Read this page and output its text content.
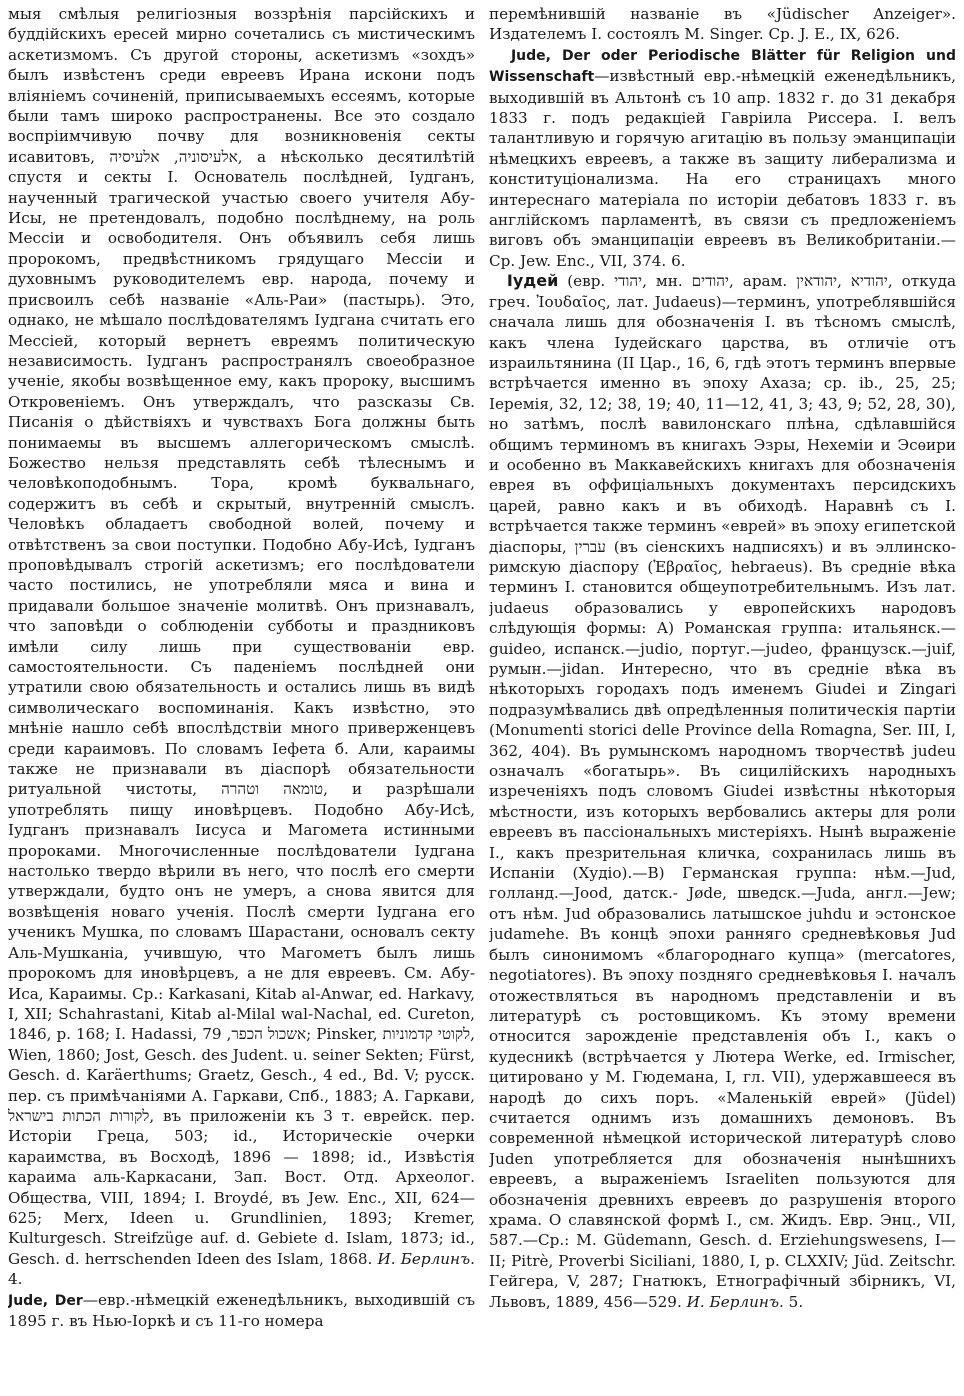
мыя смѣлыя религіозныя воззрѣнія парсійскихъ и буддійскихъ ересей мирно сочетались съ мистическимъ аскетизмомъ. Съ другой стороны, аскетизмъ «зохдъ» былъ извѣстенъ среди евреевъ Ирана искони подъ вліяніемъ сочиненій, приписываемыхъ ессеямъ, которые были тамъ широко распространены. Все это создало воспріимчивую почву для возникновенія секты исавитовъ, אלעיסוניה, אלעיסיה, а нѣсколько десятилѣтій спустя и секты І. Основатель послѣдней, Іудганъ, наученный трагической участью своего учителя Абу-Исы, не претендовалъ, подобно послѣднему, на роль Мессіи и освободителя. Онъ объявилъ себя лишь пророкомъ, предвѣстникомъ грядущаго Мессіи и духовнымъ руководителемъ евр. народа, почему и присвоилъ себѣ названіе «Аль-Раи» (пастырь). Это, однако, не мѣшало послѣдователямъ Іудгана считать его Мессіей, который вернетъ евреямъ политическую независимость. Іудганъ распространялъ своеобразное ученіе, якобы возвѣщенное ему, какъ пророку, высшимъ Откровеніемъ. Онъ утверждалъ, что разсказы Св. Писанія о дѣйствіяхъ и чувствахъ Бога должны быть понимаемы въ высшемъ аллегорическомъ смыслѣ. Божество нельзя представлять себѣ тѣлеснымъ и человѣкоподобнымъ. Тора, кромѣ буквальнаго, содержитъ въ себѣ и скрытый, внутренній смыслъ. Человѣкъ обладаетъ свободной волей, почему и отвѣтственъ за свои поступки. Подобно Абу-Исѣ, Іудганъ проповѣдывалъ строгій аскетизмъ; его послѣдователи часто постились, не употребляли мяса и вина и придавали большое значеніе молитвѣ. Онъ признавалъ, что заповѣди о соблюденіи субботы и праздниковъ имѣли силу лишь при существованіи евр. самостоятельности. Съ паденіемъ послѣдней они утратили свою обязательность и остались лишь въ видѣ символическаго воспоминанія. Какъ извѣстно, это мнѣніе нашло себѣ впослѣдствіи много приверженцевъ среди караимовъ. По словамъ Іефета б. Али, караимы также не признавали въ діаспорѣ обязательности ритуальной чистоты, טומאה וטהרה, и разрѣшали употреблять пищу иновѣрцевъ. Подобно Абу-Исѣ, Іудганъ признавалъ Іисуса и Магомета истинными пророками. Многочисленные послѣдователи Іудгана настолько твердо вѣрили въ него, что послѣ его смерти утверждали, будто онъ не умеръ, а снова явится для возвѣщенія новаго ученія. Послѣ смерти Іудгана его ученикъ Мушка, по словамъ Шарастани, основалъ секту Аль-Мушканіа, учившую, что Магометъ былъ лишь пророкомъ для иновѣрцевъ, а не для евреевъ. См. Абу-Иса, Караимы. Ср.: Karkasani, Kitab al-Anwar, ed. Harkavy, I, XII; Schahrastani, Kitab al-Milal wal-Nachal, ed. Cureton, 1846, p. 168; I. Hadassi, אשכול הכפר, 79; Pinsker, לקוטי קדמוניות, Wien, 1860; Jost, Gesch. des Judent. u. seiner Sekten; Fürst, Gesch. d. Karäerthums; Graetz, Gesch., 4 ed., Bd. V; русск. пер. съ примѣчаніями А. Гаркави, Спб., 1883; А. Гаркави, לקורות הכתות בישראל, въ приложеніи къ 3 т. еврейск. пер. Исторіи Греца, 503; id., Историческіе очерки караимства, въ Восходѣ, 1896 — 1898; id., Извѣстія караима аль-Каркасани, Зап. Вост. Отд. Археолог. Общества, VIII, 1894; I. Broydé, въ Jew. Enc., XII, 624—625; Merx, Ideen u. Grundlinien, 1893; Kremer, Kulturgesch. Streifzüge auf. d. Gebiete d. Islam, 1873; id., Gesch. d. herrschenden Ideen des Islam, 1868. И. Берлинъ. 4.

Jude, Der—евр.-нѣмецкій еженедѣльникъ, выходившій съ 1895 г. въ Нью-Іоркѣ и съ 11-го номера

перемѣнившій названіе въ «Jüdischer Anzeiger». Издателемъ І. состоялъ M. Singer. Ср. J. E., IX, 626.

Jude, Der oder Periodische Blätter für Religion und Wissenschaft—извѣстный евр.-нѣмецкій еженедѣльникъ, выходившій въ Альтонѣ съ 10 апр. 1832 г. до 31 декабря 1833 г. подъ редакціей Гавріила Риссера. І. велъ талантливую и горячую агитацію въ пользу эманципаціи нѣмецкихъ евреевъ, а также въ защиту либерализма и конституціонализма. На его страницахъ много интереснаго матеріала по исторіи дебатовъ 1833 г. въ англійскомъ парламентѣ, въ связи съ предложеніемъ виговъ объ эманципаціи евреевъ въ Великобританіи.—Ср. Jew. Enc., VII, 374. 6.

Іудей (евр. יהודי, мн. יהודים, арам. יהודיא ,יהודאין, откуда греч. Ἰουδαῖος, лат. Judaeus)—терминъ, употреблявшійся сначала лишь для обозначенія І. въ тѣсномъ смыслѣ, какъ члена Іудейскаго царства, въ отличіе отъ израильтянина (II Цар., 16, 6, гдѣ этотъ терминъ впервые встрѣчается именно въ эпоху Ахаза; ср. ib., 25, 25; Іеремія, 32, 12; 38, 19; 40, 11—12, 41, 3; 43, 9; 52, 28, 30), но затѣмъ, послѣ вавилонскаго плѣна, сдѣлавшійся общимъ терминомъ въ книгахъ Эзры, Нехеміи и Эсѳири и особенно въ Маккавейскихъ книгахъ для обозначенія еврея въ оффиціальныхъ документахъ персидскихъ царей, равно какъ и въ обиходѣ. Наравнѣ съ І. встрѣчается также терминъ «еврей» въ эпоху египетской діаспоры, עברין (въ сіенскихъ надписяхъ) и въ эллинско-римскую діаспору (Ἑβραῖος, hebraeus). Въ средніе вѣка терминъ І. становится общеупотребительнымъ. Изъ лат. judaeus образовались у европейскихъ народовъ слѣдующія формы: А) Романская группа: итальянск.—guideo, испанск.—judio, португ.—judeo, французск.—juif, румын.—jidan. Интересно, что въ средніе вѣка въ нѣкоторыхъ городахъ подъ именемъ Giudei и Zingari подразумѣвались двѣ опредѣленныя политическія партіи (Monumenti storici delle Province della Romagna, Ser. III, I, 362, 404). Въ румынскомъ народномъ творчествѣ judeu означалъ «богатырь». Въ сицилійскихъ народныхъ изреченіяхъ подъ словомъ Giudei извѣстны нѣкоторыя мѣстности, изъ которыхъ вербовались актеры для роли евреевъ въ пассіональныхъ мистеріяхъ. Нынѣ выраженіе І., какъ презрительная кличка, сохранилась лишь въ Испаніи (Худіо).—В) Германская группа: нѣм.—Jud, голланд.—Jood, датск.- Jøde, шведск.—Juda, англ.—Jew; отъ нѣм. Jud образовались латышское juhdu и эстонское judamehe. Въ концѣ эпохи ранняго средневѣковья Jud былъ синонимомъ «благороднаго купца» (mercatores, negotiatores). Въ эпоху поздняго средневѣковья І. началъ отожествляться въ народномъ представленіи и въ литературѣ съ ростовщикомъ. Къ этому времени относится зарожденіе представленія объ І., какъ о кудесникѣ (встрѣчается у Лютера Werke, ed. Irmischer, цитировано у М. Гюдемана, I, гл. VII), удержавшееся въ народѣ до сихъ поръ. «Маленькій еврей» (Jüdel) считается однимъ изъ домашнихъ демоновъ. Въ современной нѣмецкой исторической литературѣ слово Juden употребляется для обозначенія нынѣшнихъ евреевъ, а выраженіемъ Israeliten пользуются для обозначенія древнихъ евреевъ до разрушенія второго храма. О славянской формѣ І., см. Жидъ. Евр. Энц., VII, 587.—Ср.: M. Güdemann, Gesch. d. Erziehungswesens, I—II; Pitrè, Proverbi Siciliani, 1880, I, p. CLXXIV; Jüd. Zeitschr. Гейгера, V, 287; Гнатюкъ, Етнографічный збірникъ, VI, Львовъ, 1889, 456—529. И. Берлинъ. 5.
